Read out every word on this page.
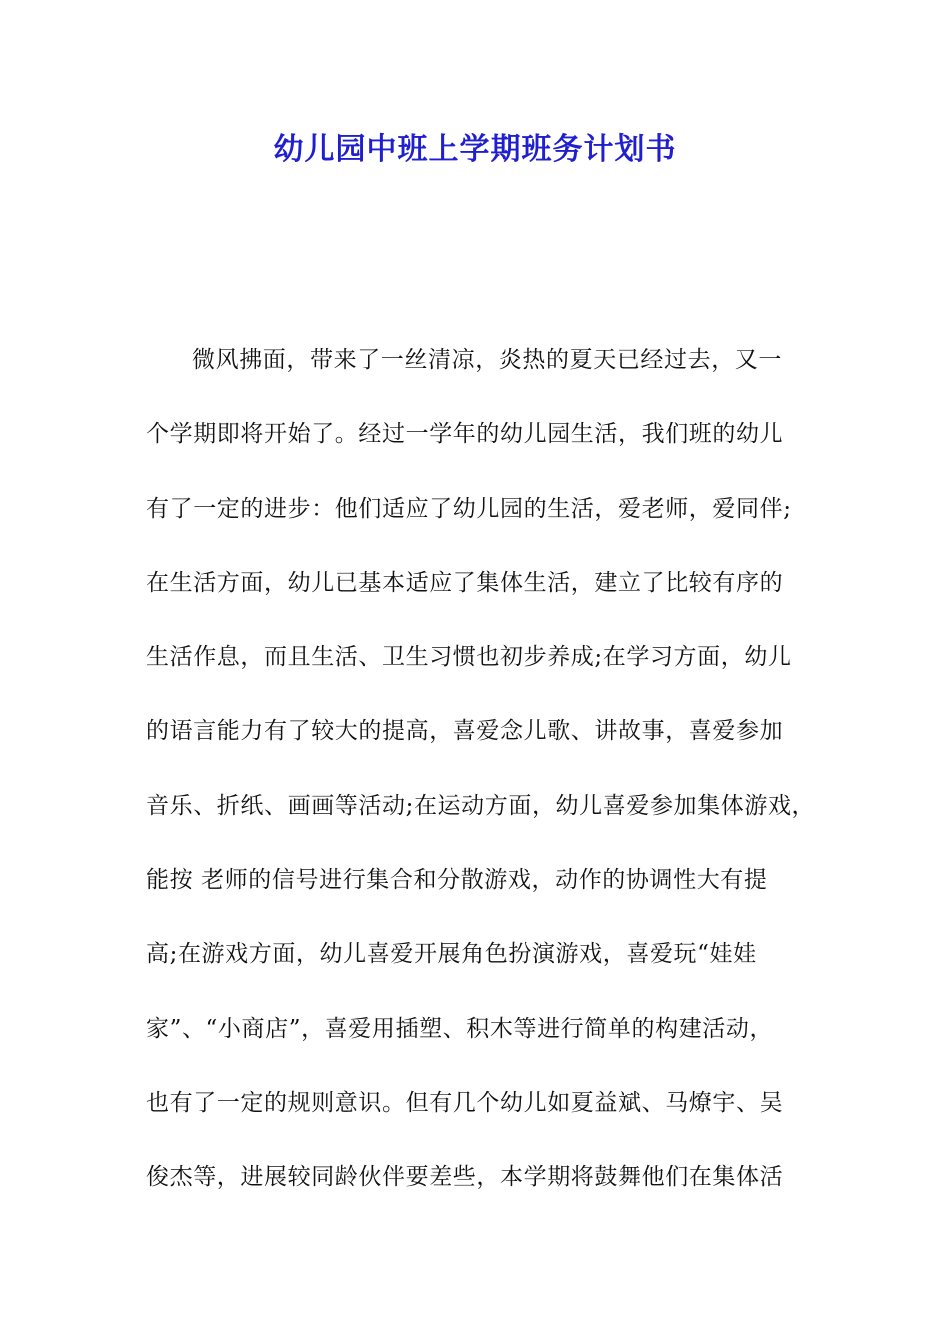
幼儿园中班上学期班务计划书
微风拂面，带来了一丝清凉，炎热的夏天已经过去，又一
个学期即将开始了。经过一学年的幼儿园生活，我们班的幼儿
有了一定的进步：他们适应了幼儿园的生活，爱老师，爱同伴;
在生活方面，幼儿已基本适应了集体生活，建立了比较有序的
生活作息，而且生活、卫生习惯也初步养成;在学习方面，幼儿
的语言能力有了较大的提高，喜爱念儿歌、讲故事，喜爱参加
音乐、折纸、画画等活动;在运动方面，幼儿喜爱参加集体游戏，
能按 老师的信号进行集合和分散游戏，动作的协调性大有提
高;在游戏方面，幼儿喜爱开展角色扮演游戏，喜爱玩“娃娃
家”、“小商店”，喜爱用插塑、积木等进行简单的构建活动，
也有了一定的规则意识。但有几个幼儿如夏益斌、马燎宇、吴
俊杰等，进展较同龄伙伴要差些，本学期将鼓舞他们在集体活
